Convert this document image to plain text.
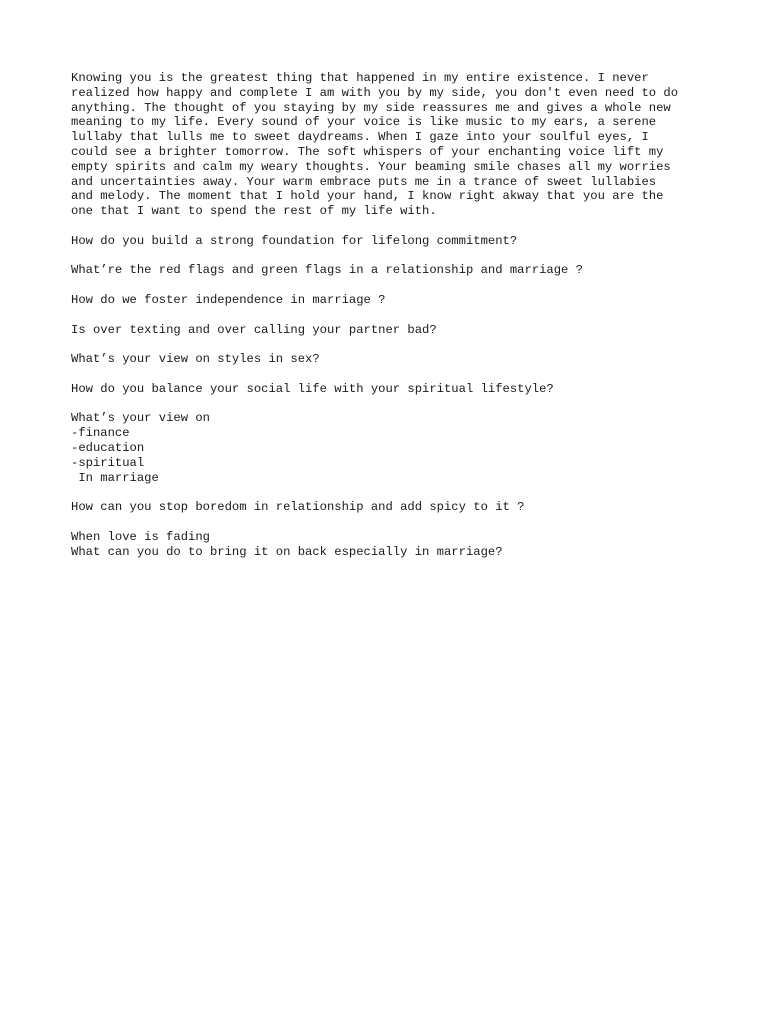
Knowing you is the greatest thing that happened in my entire existence. I never
realized how happy and complete I am with you by my side, you don't even need to do
anything. The thought of you staying by my side reassures me and gives a whole new
meaning to my life. Every sound of your voice is like music to my ears, a serene
lullaby that lulls me to sweet daydreams. When I gaze into your soulful eyes, I
could see a brighter tomorrow. The soft whispers of your enchanting voice lift my
empty spirits and calm my weary thoughts. Your beaming smile chases all my worries
and uncertainties away. Your warm embrace puts me in a trance of sweet lullabies
and melody. The moment that I hold your hand, I know right akway that you are the
one that I want to spend the rest of my life with.
How do you build a strong foundation for lifelong commitment?
What’re the red flags and green flags in a relationship and marriage ?
How do we foster independence in marriage ?
Is over texting and over calling your partner bad?
What’s your view on styles in sex?
How do you balance your social life with your spiritual lifestyle?
What’s your view on
-finance
-education
-spiritual
In marriage
How can you stop boredom in relationship and add spicy to it ?
When love is fading
What can you do to bring it on back especially in marriage?
